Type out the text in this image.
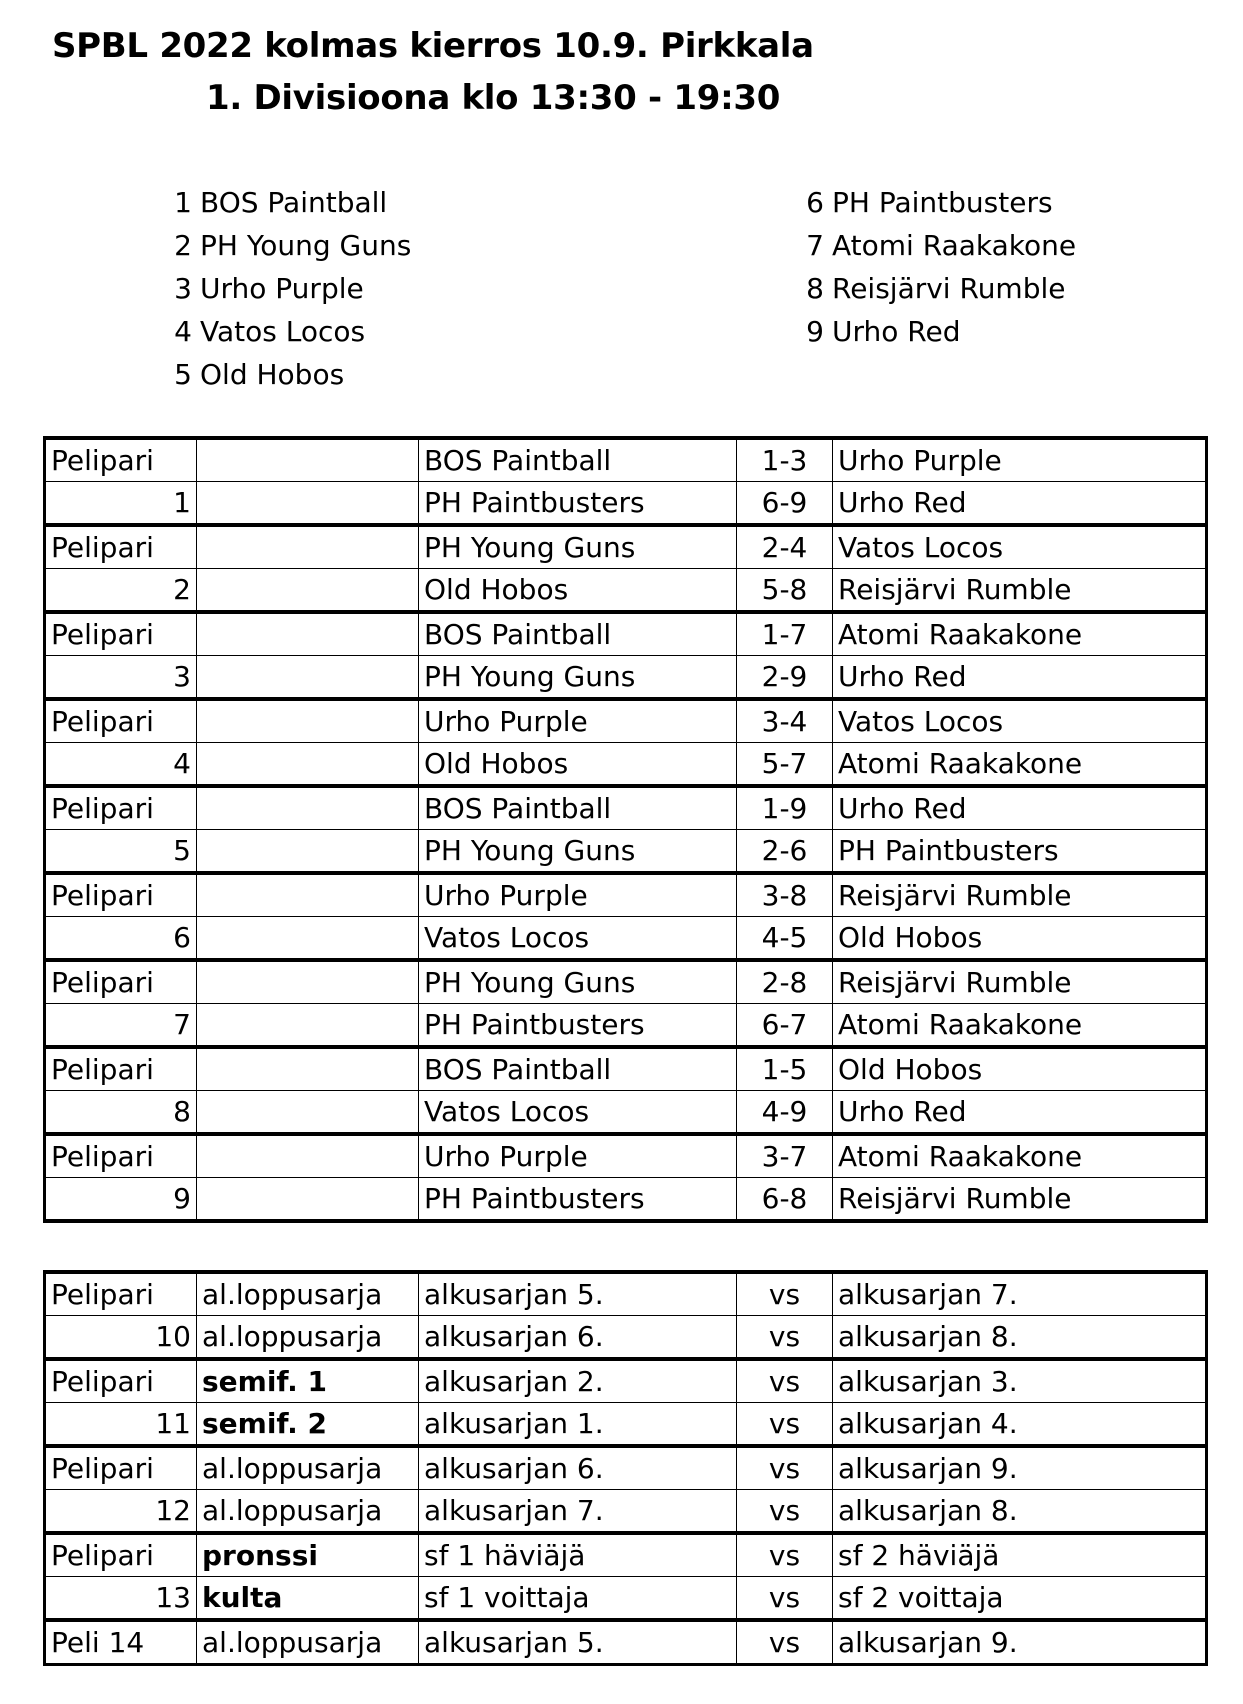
SPBL 2022 kolmas kierros 10.9. Pirkkala
1. Divisioona klo 13:30 - 19:30
1 BOS Paintball
2 PH Young Guns
3 Urho Purple
4 Vatos Locos
5 Old Hobos
6 PH Paintbusters
7 Atomi Raakakone
8 Reisjärvi Rumble
9 Urho Red
Pelipari		BOS Paintball	1-3	Urho Purple
1		PH Paintbusters	6-9	Urho Red
Pelipari		PH Young Guns	2-4	Vatos Locos
2		Old Hobos	5-8	Reisjärvi Rumble
Pelipari		BOS Paintball	1-7	Atomi Raakakone
3		PH Young Guns	2-9	Urho Red
Pelipari		Urho Purple	3-4	Vatos Locos
4		Old Hobos	5-7	Atomi Raakakone
Pelipari		BOS Paintball	1-9	Urho Red
5		PH Young Guns	2-6	PH Paintbusters
Pelipari		Urho Purple	3-8	Reisjärvi Rumble
6		Vatos Locos	4-5	Old Hobos
Pelipari		PH Young Guns	2-8	Reisjärvi Rumble
7		PH Paintbusters	6-7	Atomi Raakakone
Pelipari		BOS Paintball	1-5	Old Hobos
8		Vatos Locos	4-9	Urho Red
Pelipari		Urho Purple	3-7	Atomi Raakakone
9		PH Paintbusters	6-8	Reisjärvi Rumble
Pelipari	al.loppusarja	alkusarjan 5.	vs	alkusarjan 7.
10	al.loppusarja	alkusarjan 6.	vs	alkusarjan 8.
Pelipari	semif. 1	alkusarjan 2.	vs	alkusarjan 3.
11	semif. 2	alkusarjan 1.	vs	alkusarjan 4.
Pelipari	al.loppusarja	alkusarjan 6.	vs	alkusarjan 9.
12	al.loppusarja	alkusarjan 7.	vs	alkusarjan 8.
Pelipari	pronssi	sf 1 häviäjä	vs	sf 2 häviäjä
13	kulta	sf 1 voittaja	vs	sf 2 voittaja
Peli 14	al.loppusarja	alkusarjan 5.	vs	alkusarjan 9.
